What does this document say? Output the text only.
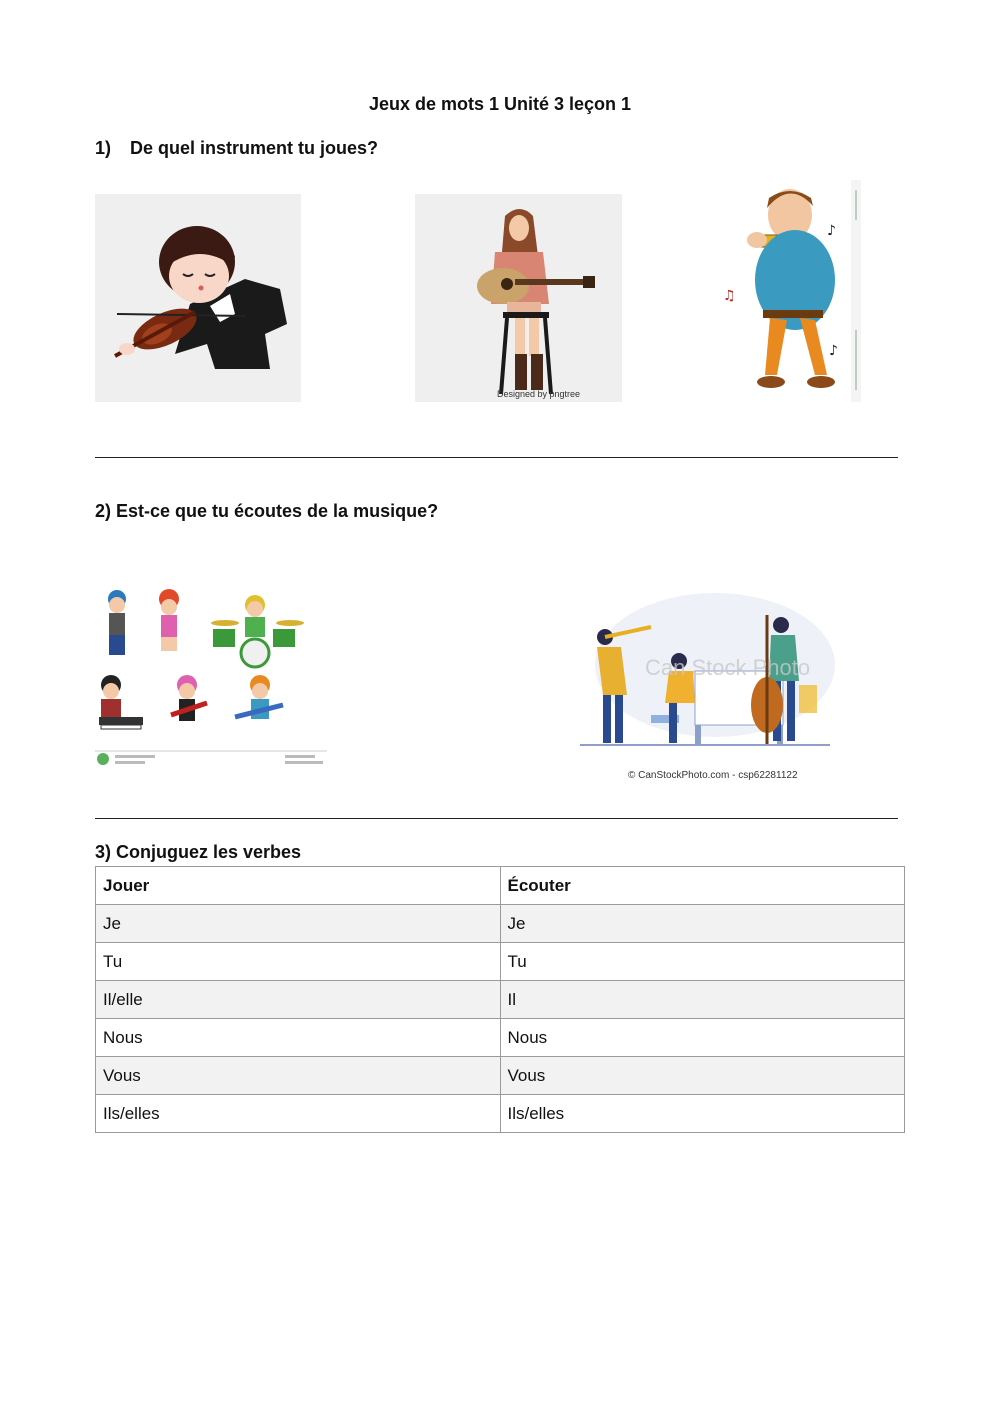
Jeux de mots 1 Unité 3 leçon 1
1) De quel instrument tu joues?
Designed by pngtree
♪
♫
♪
2) Est-ce que tu écoutes de la musique?
Can Stock Photo
© CanStockPhoto.com - csp62281122
3) Conjuguez les verbes
Jouer	Écouter
Je	Je
Tu	Tu
Il/elle	Il
Nous	Nous
Vous	Vous
Ils/elles	Ils/elles
